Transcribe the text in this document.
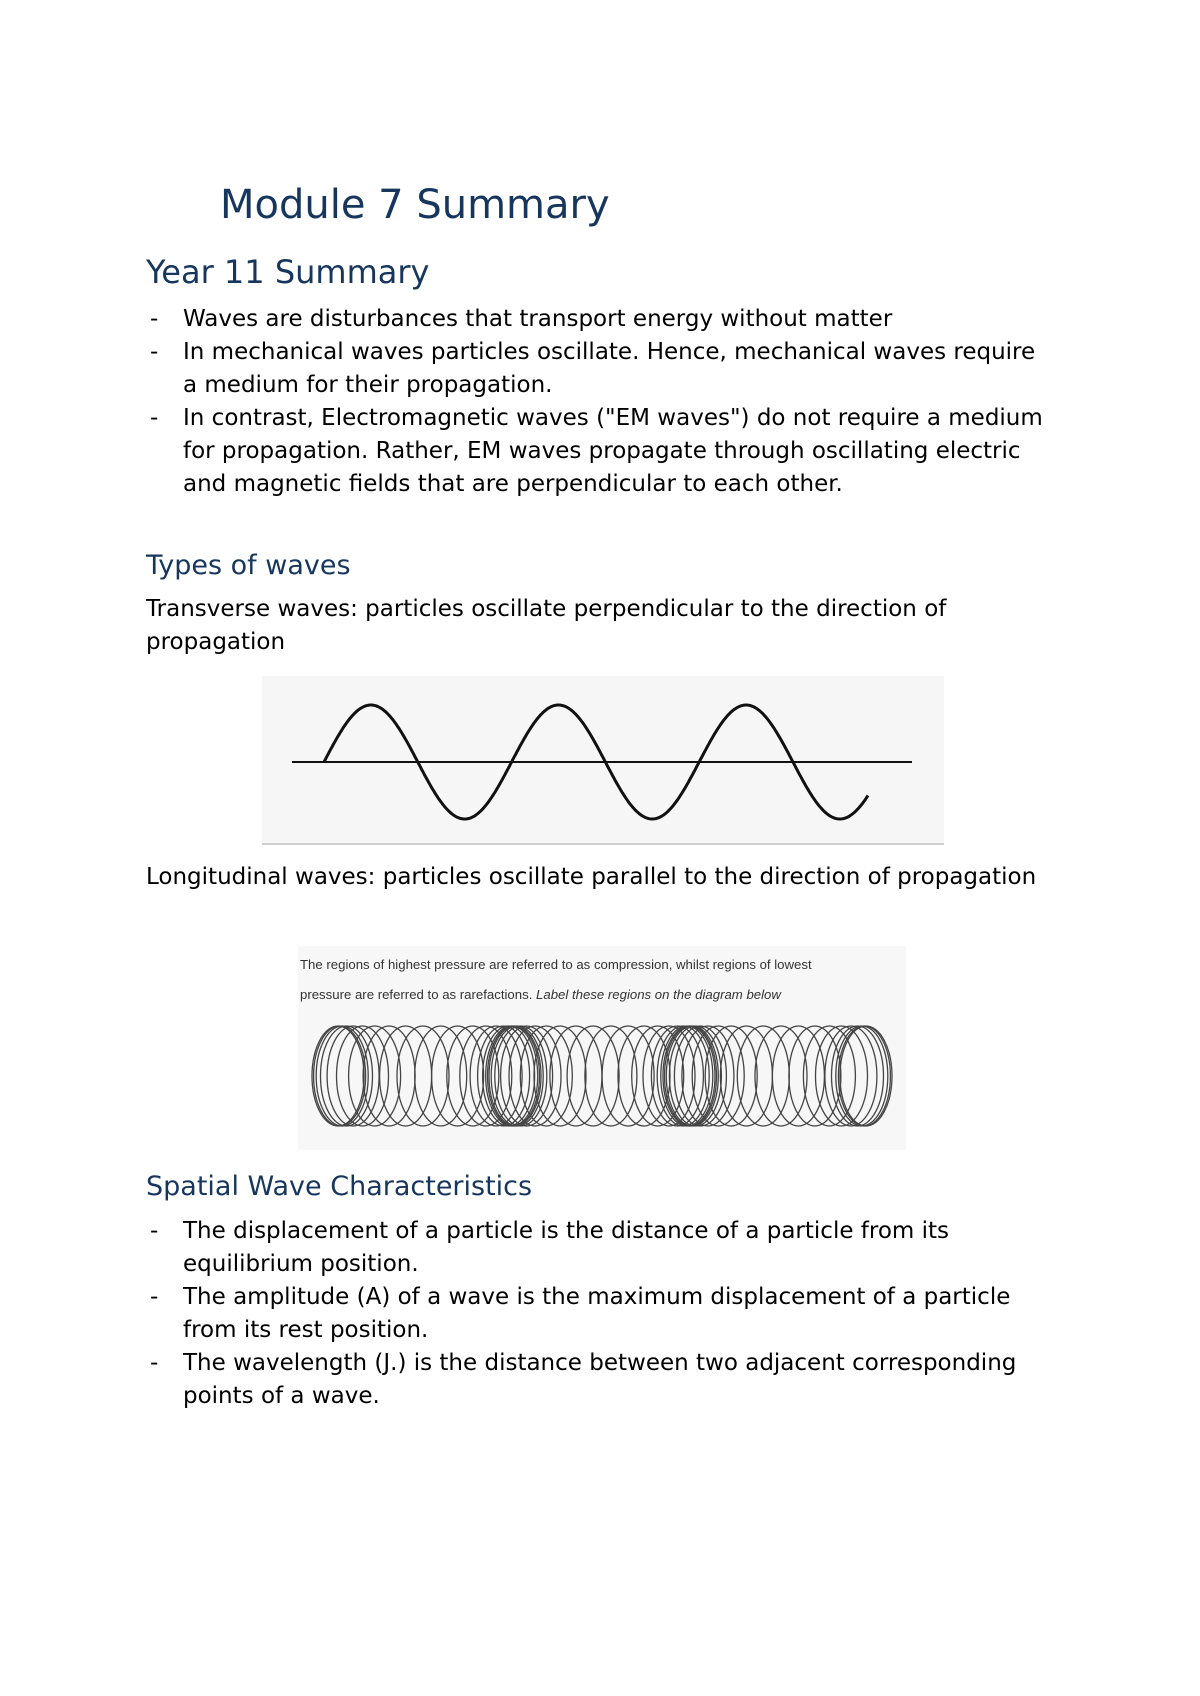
Module 7 Summary
Year 11 Summary
- Waves are disturbances that transport energy without matter
- In mechanical waves particles oscillate. Hence, mechanical waves require a medium for their propagation.
- In contrast, Electromagnetic waves ("EM waves") do not require a medium for propagation. Rather, EM waves propagate through oscillating electric and magnetic fields that are perpendicular to each other.
Types of waves

Transverse waves: particles oscillate perpendicular to the direction of propagation

Longitudinal waves: particles oscillate parallel to the direction of propagation

The regions of highest pressure are referred to as compression, whilst regions of lowest
pressure are referred to as rarefactions. Label these regions on the diagram below

Spatial Wave Characteristics
- The displacement of a particle is the distance of a particle from its equilibrium position.
- The amplitude (A) of a wave is the maximum displacement of a particle from its rest position.
- The wavelength (J.) is the distance between two adjacent corresponding points of a wave.
